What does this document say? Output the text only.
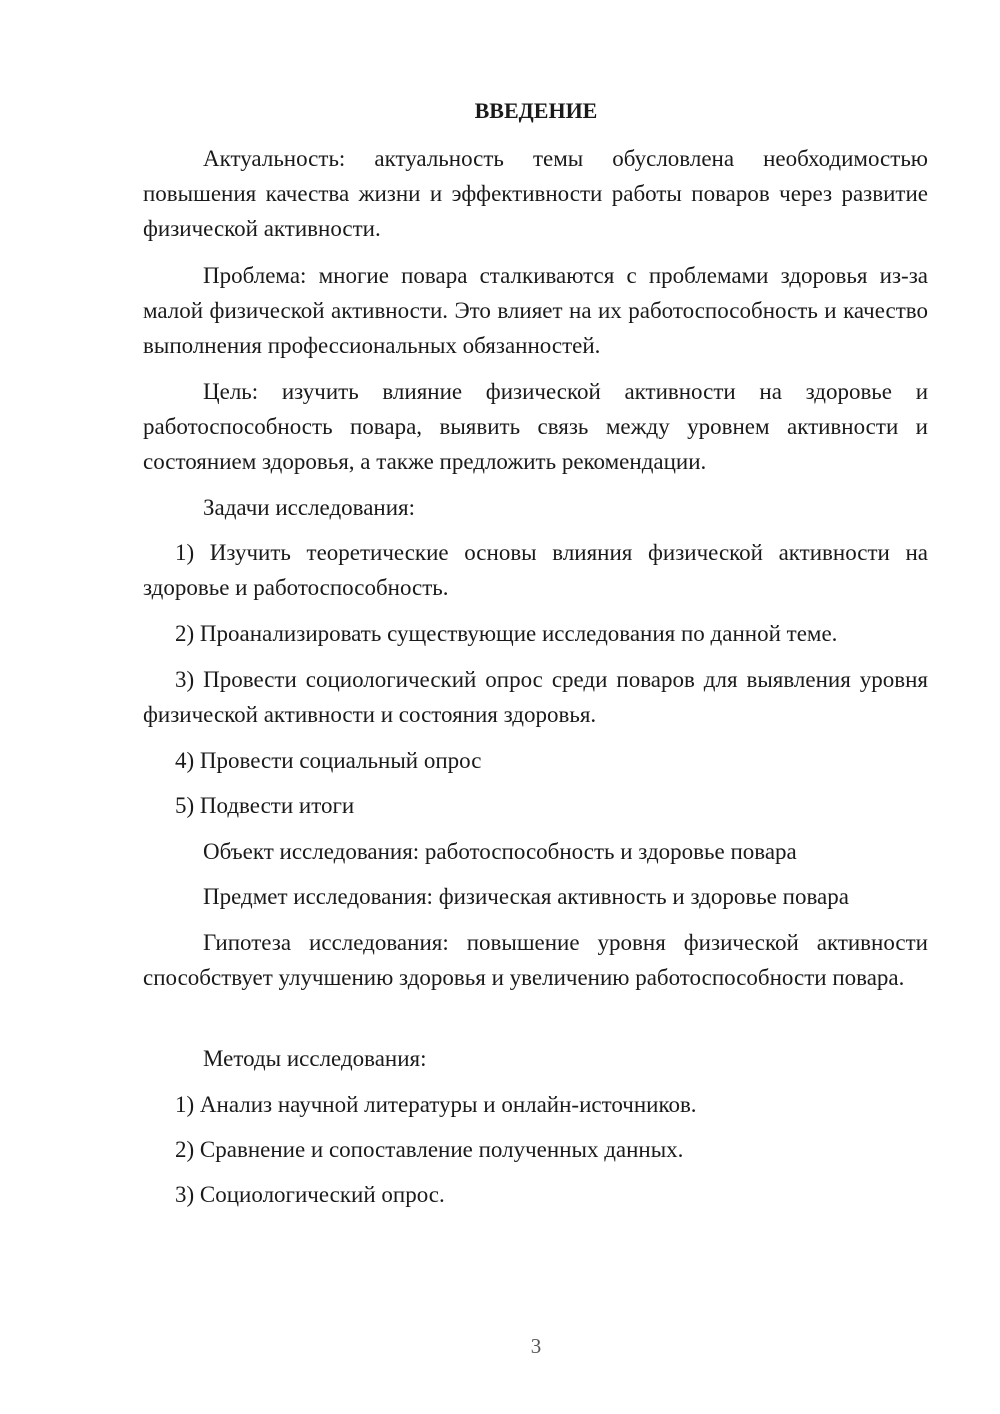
ВВЕДЕНИЕ

Актуальность: актуальность темы обусловлена необходимостью повышения качества жизни и эффективности работы поваров через развитие физической активности.

Проблема: многие повара сталкиваются с проблемами здоровья из-за малой физической активности. Это влияет на их работоспособность и качество выполнения профессиональных обязанностей.

Цель: изучить влияние физической активности на здоровье и работоспособность повара, выявить связь между уровнем активности и состоянием здоровья, а также предложить рекомендации.

Задачи исследования:

1) Изучить теоретические основы влияния физической активности на здоровье и работоспособность.

2) Проанализировать существующие исследования по данной теме.

3) Провести социологический опрос среди поваров для выявления уровня физической активности и состояния здоровья.

4) Провести социальный опрос

5) Подвести итоги

Объект исследования: работоспособность и здоровье повара

Предмет исследования: физическая активность и здоровье повара

Гипотеза исследования: повышение уровня физической активности способствует улучшению здоровья и увеличению работоспособности повара.

Методы исследования:

1) Анализ научной литературы и онлайн-источников.

2) Сравнение и сопоставление полученных данных.

3) Социологический опрос.

3
